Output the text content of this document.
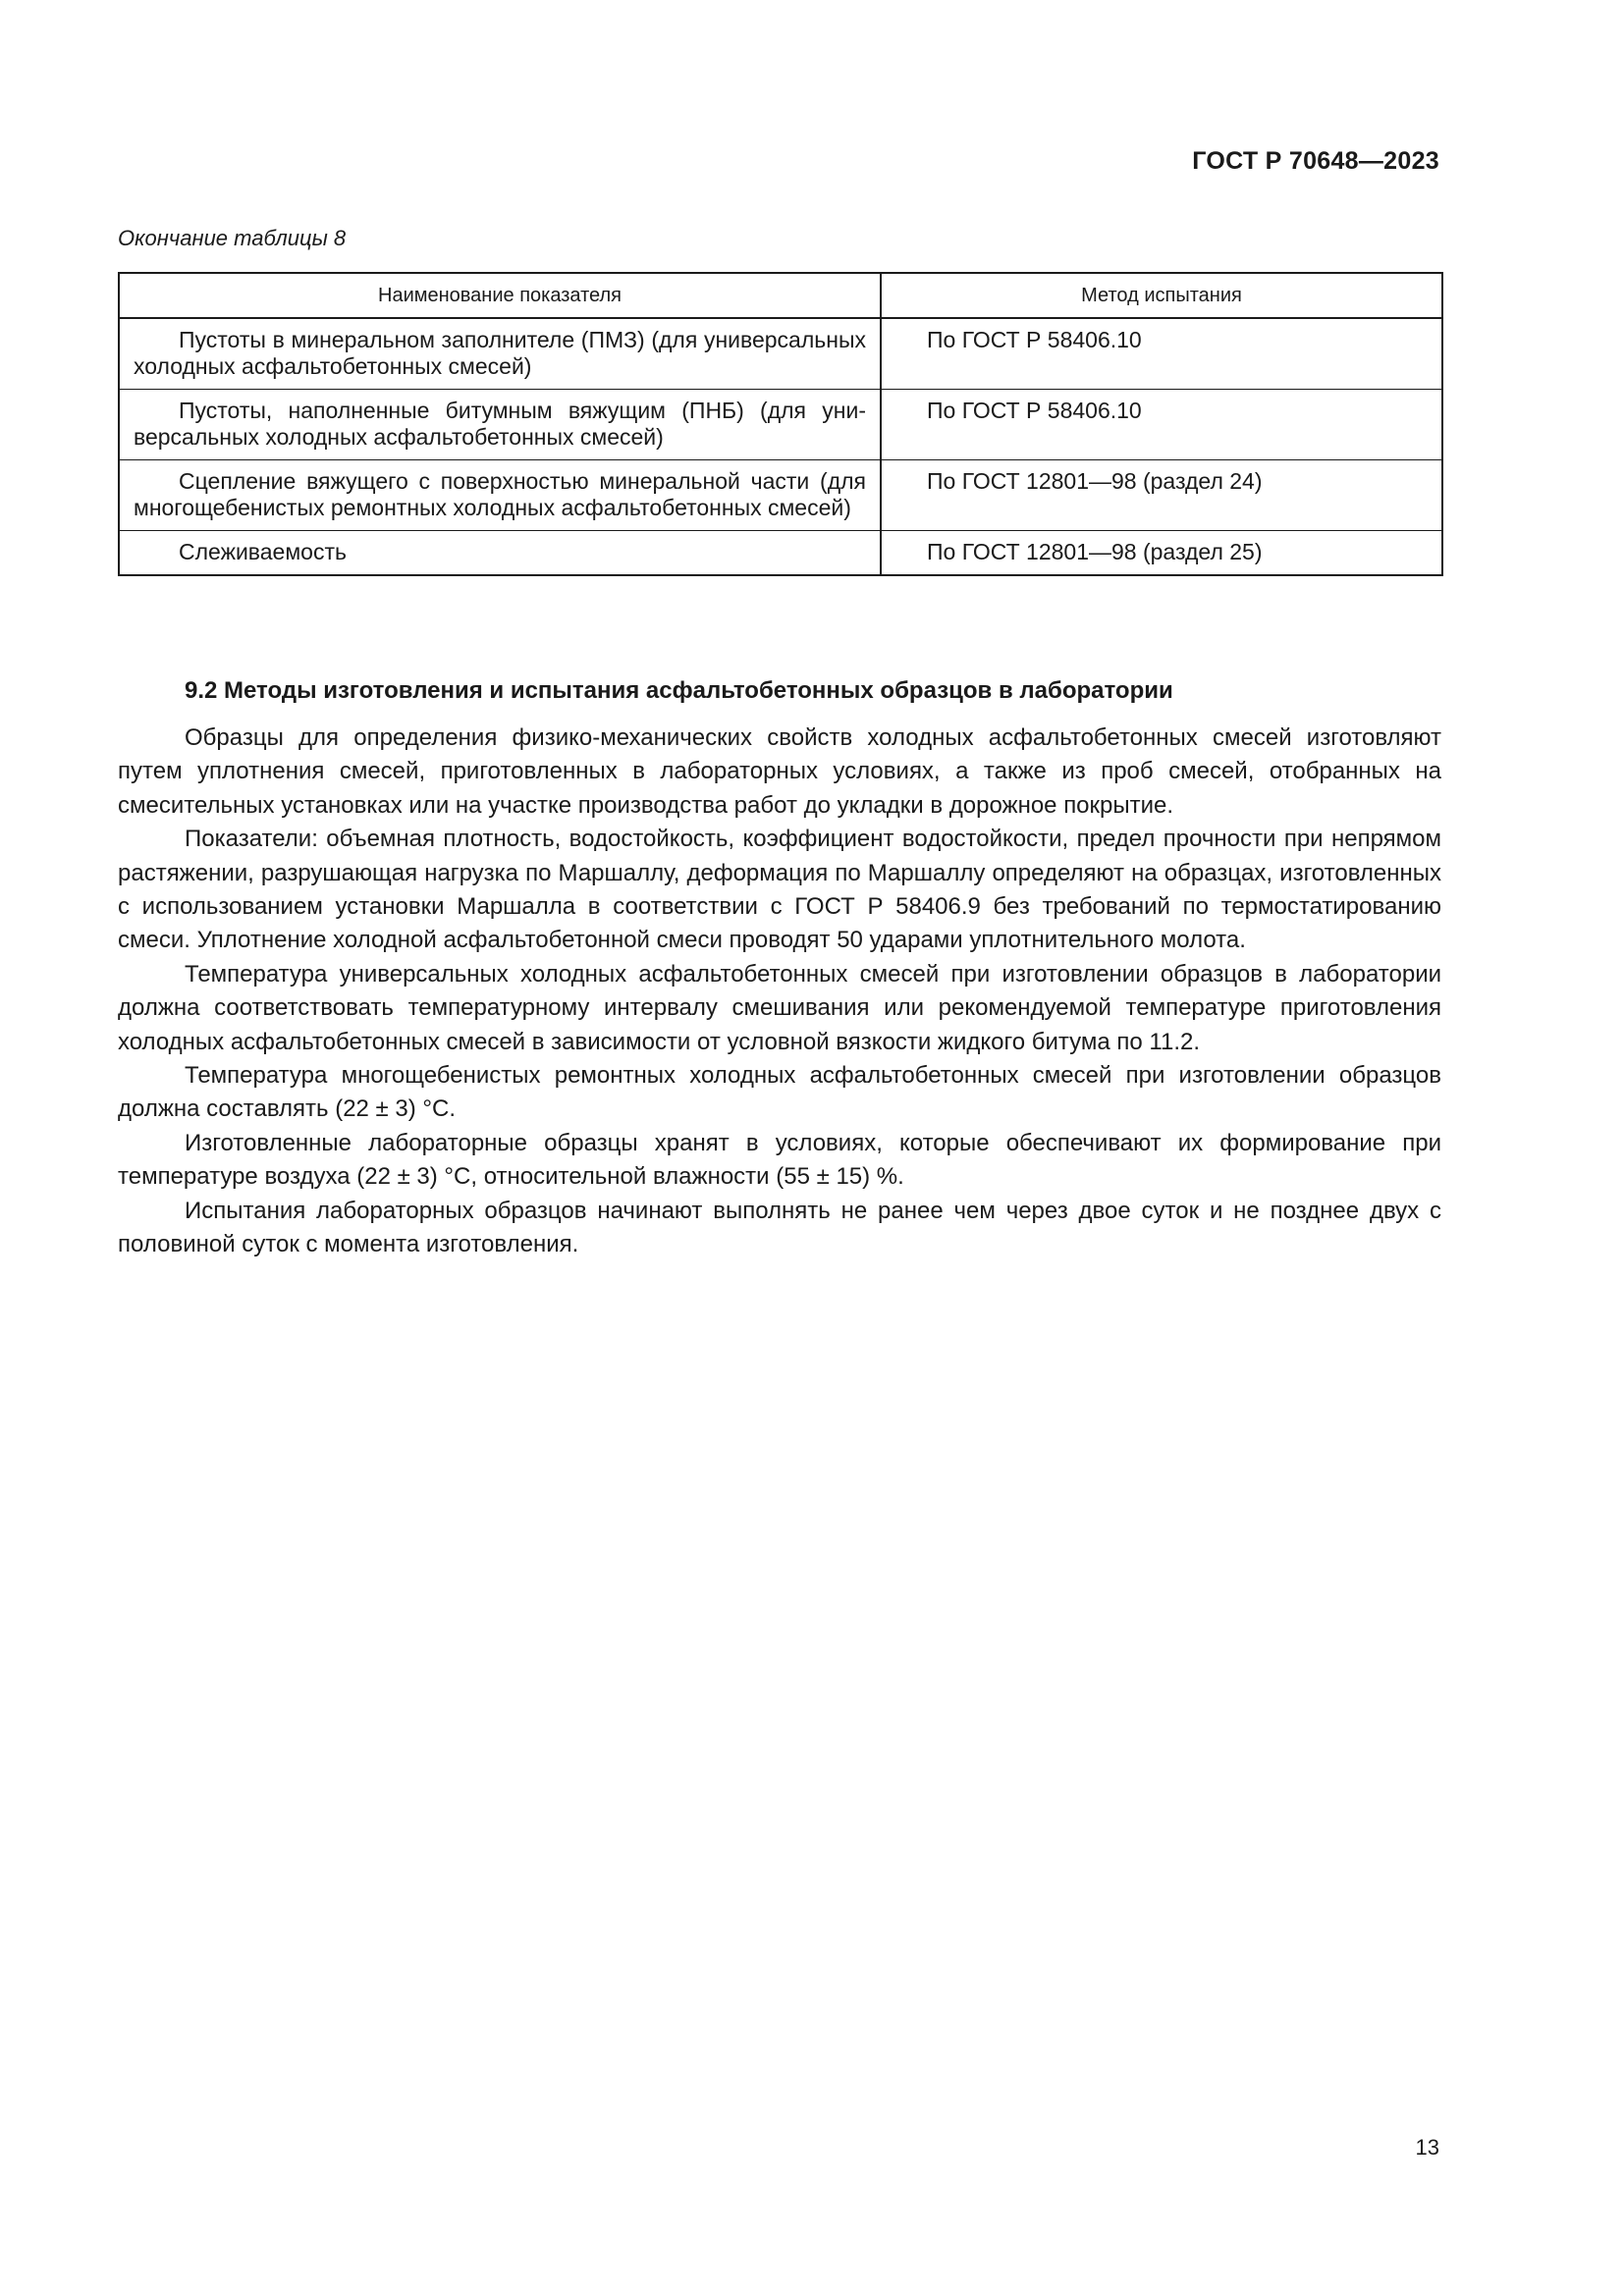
ГОСТ Р 70648—2023
Окончание таблицы 8
Наименование показателя	Метод испытания
Пустоты в минеральном заполнителе (ПМЗ) (для универсальных холодных асфальтобетонных смесей)	По ГОСТ Р 58406.10
Пустоты, наполненные битумным вяжущим (ПНБ) (для универсальных холодных асфальтобетонных смесей)	По ГОСТ Р 58406.10
Сцепление вяжущего с поверхностью минеральной части (для многощебенистых ремонтных холодных асфальтобетонных смесей)	По ГОСТ 12801—98 (раздел 24)
Слеживаемость	По ГОСТ 12801—98 (раздел 25)
9.2 Методы изготовления и испытания асфальтобетонных образцов в лаборатории

Образцы для определения физико-механических свойств холодных асфальтобетонных смесей изготовляют путем уплотнения смесей, приготовленных в лабораторных условиях, а также из проб смесей, отобранных на смесительных установках или на участке производства работ до укладки в дорожное покрытие.

Показатели: объемная плотность, водостойкость, коэффициент водостойкости, предел прочности при непрямом растяжении, разрушающая нагрузка по Маршаллу, деформация по Маршаллу определяют на образцах, изготовленных с использованием установки Маршалла в соответствии с ГОСТ Р 58406.9 без требований по термостатированию смеси. Уплотнение холодной асфальтобетонной смеси проводят 50 ударами уплотнительного молота.

Температура универсальных холодных асфальтобетонных смесей при изготовлении образцов в лаборатории должна соответствовать температурному интервалу смешивания или рекомендуемой температуре приготовления холодных асфальтобетонных смесей в зависимости от условной вязкости жидкого битума по 11.2.

Температура многощебенистых ремонтных холодных асфальтобетонных смесей при изготовлении образцов должна составлять (22 ± 3) °С.

Изготовленные лабораторные образцы хранят в условиях, которые обеспечивают их формирование при температуре воздуха (22 ± 3) °С, относительной влажности (55 ± 15) %.

Испытания лабораторных образцов начинают выполнять не ранее чем через двое суток и не позднее двух с половиной суток с момента изготовления.

13
